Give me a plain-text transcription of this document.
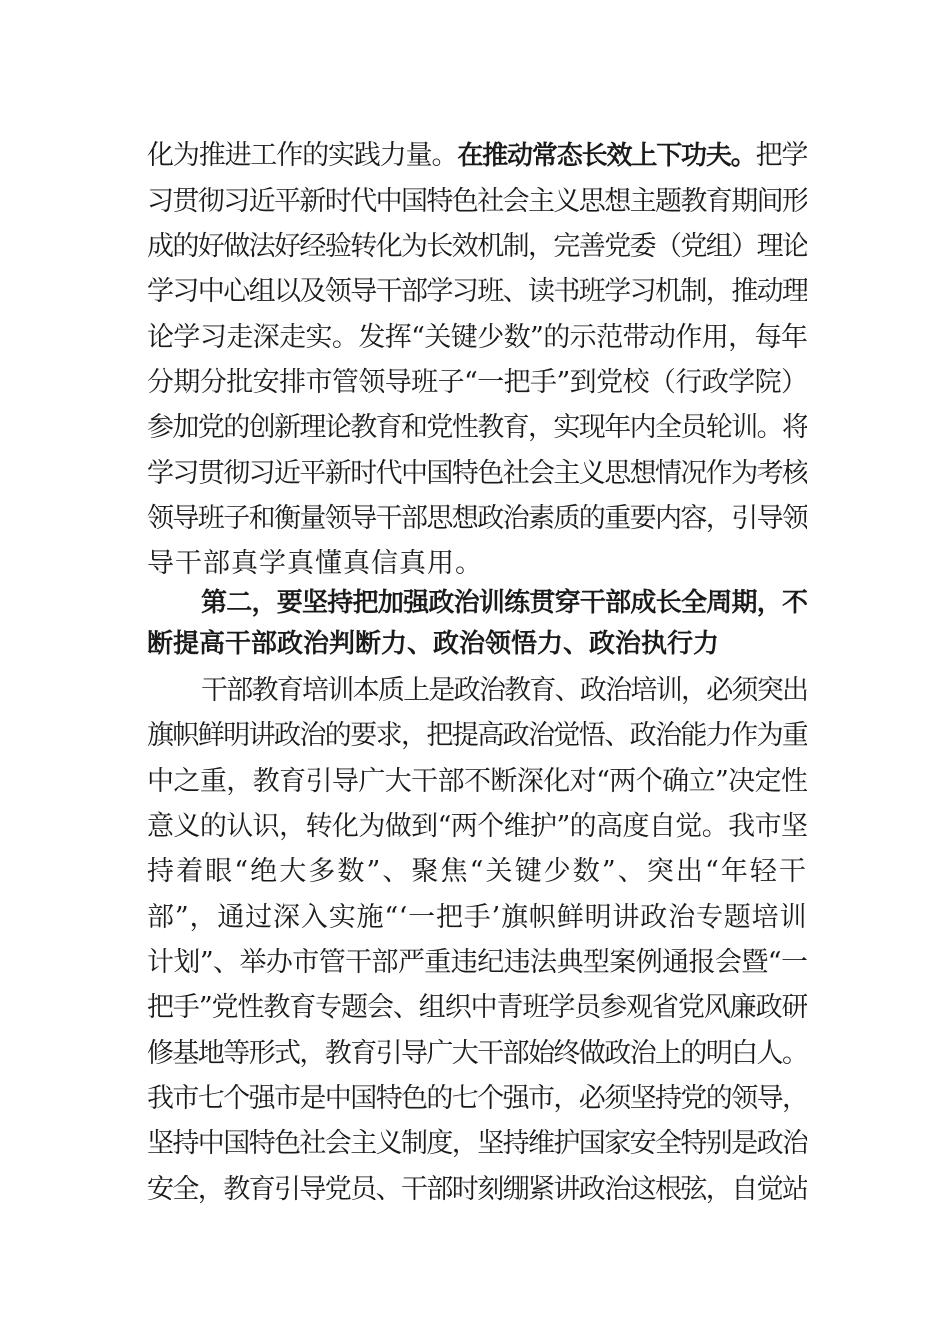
化为推进工作的实践力量。在推动常态长效上下功夫。把学
习贯彻习近平新时代中国特色社会主义思想主题教育期间形
成的好做法好经验转化为长效机制，完善党委（党组）理论
学习中心组以及领导干部学习班、读书班学习机制，推动理
论学习走深走实。发挥“关键少数”的示范带动作用，每年
分期分批安排市管领导班子“一把手”到党校（行政学院）
参加党的创新理论教育和党性教育，实现年内全员轮训。将
学习贯彻习近平新时代中国特色社会主义思想情况作为考核
领导班子和衡量领导干部思想政治素质的重要内容，引导领
导干部真学真懂真信真用。
第二，要坚持把加强政治训练贯穿干部成长全周期，不
断提高干部政治判断力、政治领悟力、政治执行力
干部教育培训本质上是政治教育、政治培训，必须突出
旗帜鲜明讲政治的要求，把提高政治觉悟、政治能力作为重
中之重，教育引导广大干部不断深化对“两个确立”决定性
意义的认识，转化为做到“两个维护”的高度自觉。我市坚
持着眼“绝大多数”、聚焦“关键少数”、突出“年轻干
部”，通过深入实施“‘一把手’旗帜鲜明讲政治专题培训
计划”、举办市管干部严重违纪违法典型案例通报会暨“一
把手”党性教育专题会、组织中青班学员参观省党风廉政研
修基地等形式，教育引导广大干部始终做政治上的明白人。
我市七个强市是中国特色的七个强市，必须坚持党的领导，
坚持中国特色社会主义制度，坚持维护国家安全特别是政治
安全，教育引导党员、干部时刻绷紧讲政治这根弦，自觉站
